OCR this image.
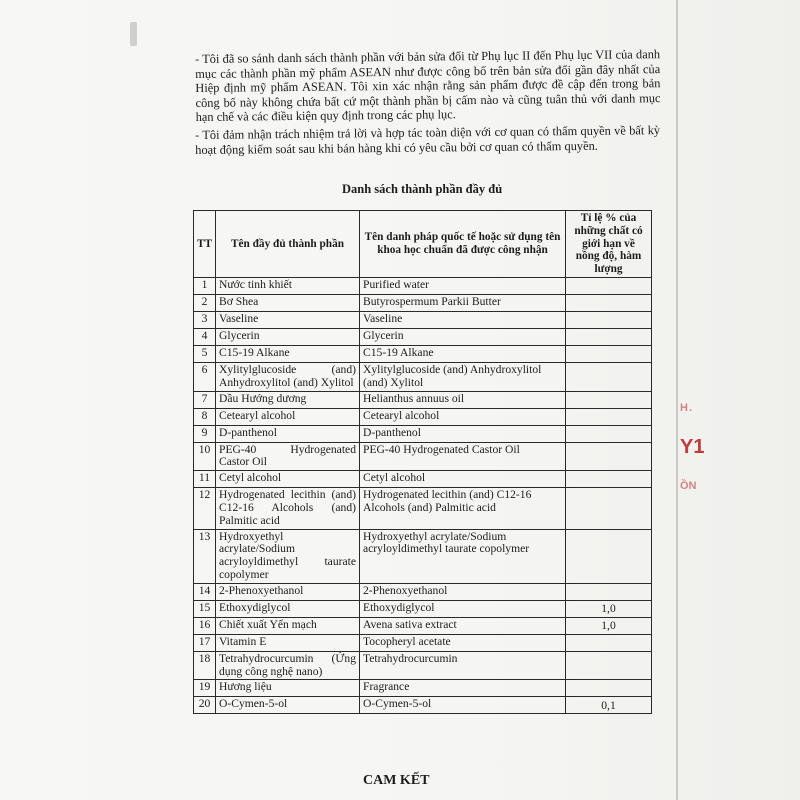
H.
Y1
ỒN

- Tôi đã so sánh danh sách thành phần với bản sửa đổi từ Phụ lục II đến Phụ lục VII của danh mục các thành phần mỹ phẩm ASEAN như được công bố trên bản sửa đổi gần đây nhất của Hiệp định mỹ phẩm ASEAN. Tôi xin xác nhận rằng sản phẩm được đề cập đến trong bản công bố này không chứa bất cứ một thành phần bị cấm nào và cũng tuân thủ với danh mục hạn chế và các điều kiện quy định trong các phụ lục.

- Tôi đảm nhận trách nhiệm trả lời và hợp tác toàn diện với cơ quan có thẩm quyền về bất kỳ hoạt động kiểm soát sau khi bán hàng khi có yêu cầu bởi cơ quan có thẩm quyền.

Danh sách thành phần đầy đủ
TT	Tên đầy đủ thành phần	Tên danh pháp quốc tế hoặc sử dụng tên khoa học chuẩn đã được công nhận	Tỉ lệ % của những chất có giới hạn về nồng độ, hàm lượng
1	Nước tinh khiết	Purified water	
2	Bơ Shea	Butyrospermum Parkii Butter	
3	Vaseline	Vaseline	
4	Glycerin	Glycerin	
5	C15-19 Alkane	C15-19 Alkane	
6	Xylitylglucoside (and) Anhydroxylitol (and) Xylitol	Xylitylglucoside (and) Anhydroxylitol (and) Xylitol	
7	Dầu Hướng dương	Helianthus annuus oil	
8	Cetearyl alcohol	Cetearyl alcohol	
9	D-panthenol	D-panthenol	
10	PEG-40 Hydrogenated Castor Oil	PEG-40 Hydrogenated Castor Oil	
11	Cetyl alcohol	Cetyl alcohol	
12	Hydrogenated lecithin (and) C12-16 Alcohols (and) Palmitic acid	Hydrogenated lecithin (and) C12-16 Alcohols (and) Palmitic acid	
13	Hydroxyethyl acrylate/Sodium acryloyldimethyl taurate copolymer	Hydroxyethyl acrylate/Sodium acryloyldimethyl taurate copolymer	
14	2-Phenoxyethanol	2-Phenoxyethanol	
15	Ethoxydiglycol	Ethoxydiglycol	1,0
16	Chiết xuất Yến mạch	Avena sativa extract	1,0
17	Vitamin E	Tocopheryl acetate	
18	Tetrahydrocurcumin (Ứng dụng công nghệ nano)	Tetrahydrocurcumin	
19	Hương liệu	Fragrance	
20	O-Cymen-5-ol	O-Cymen-5-ol	0,1
CAM KẾT
